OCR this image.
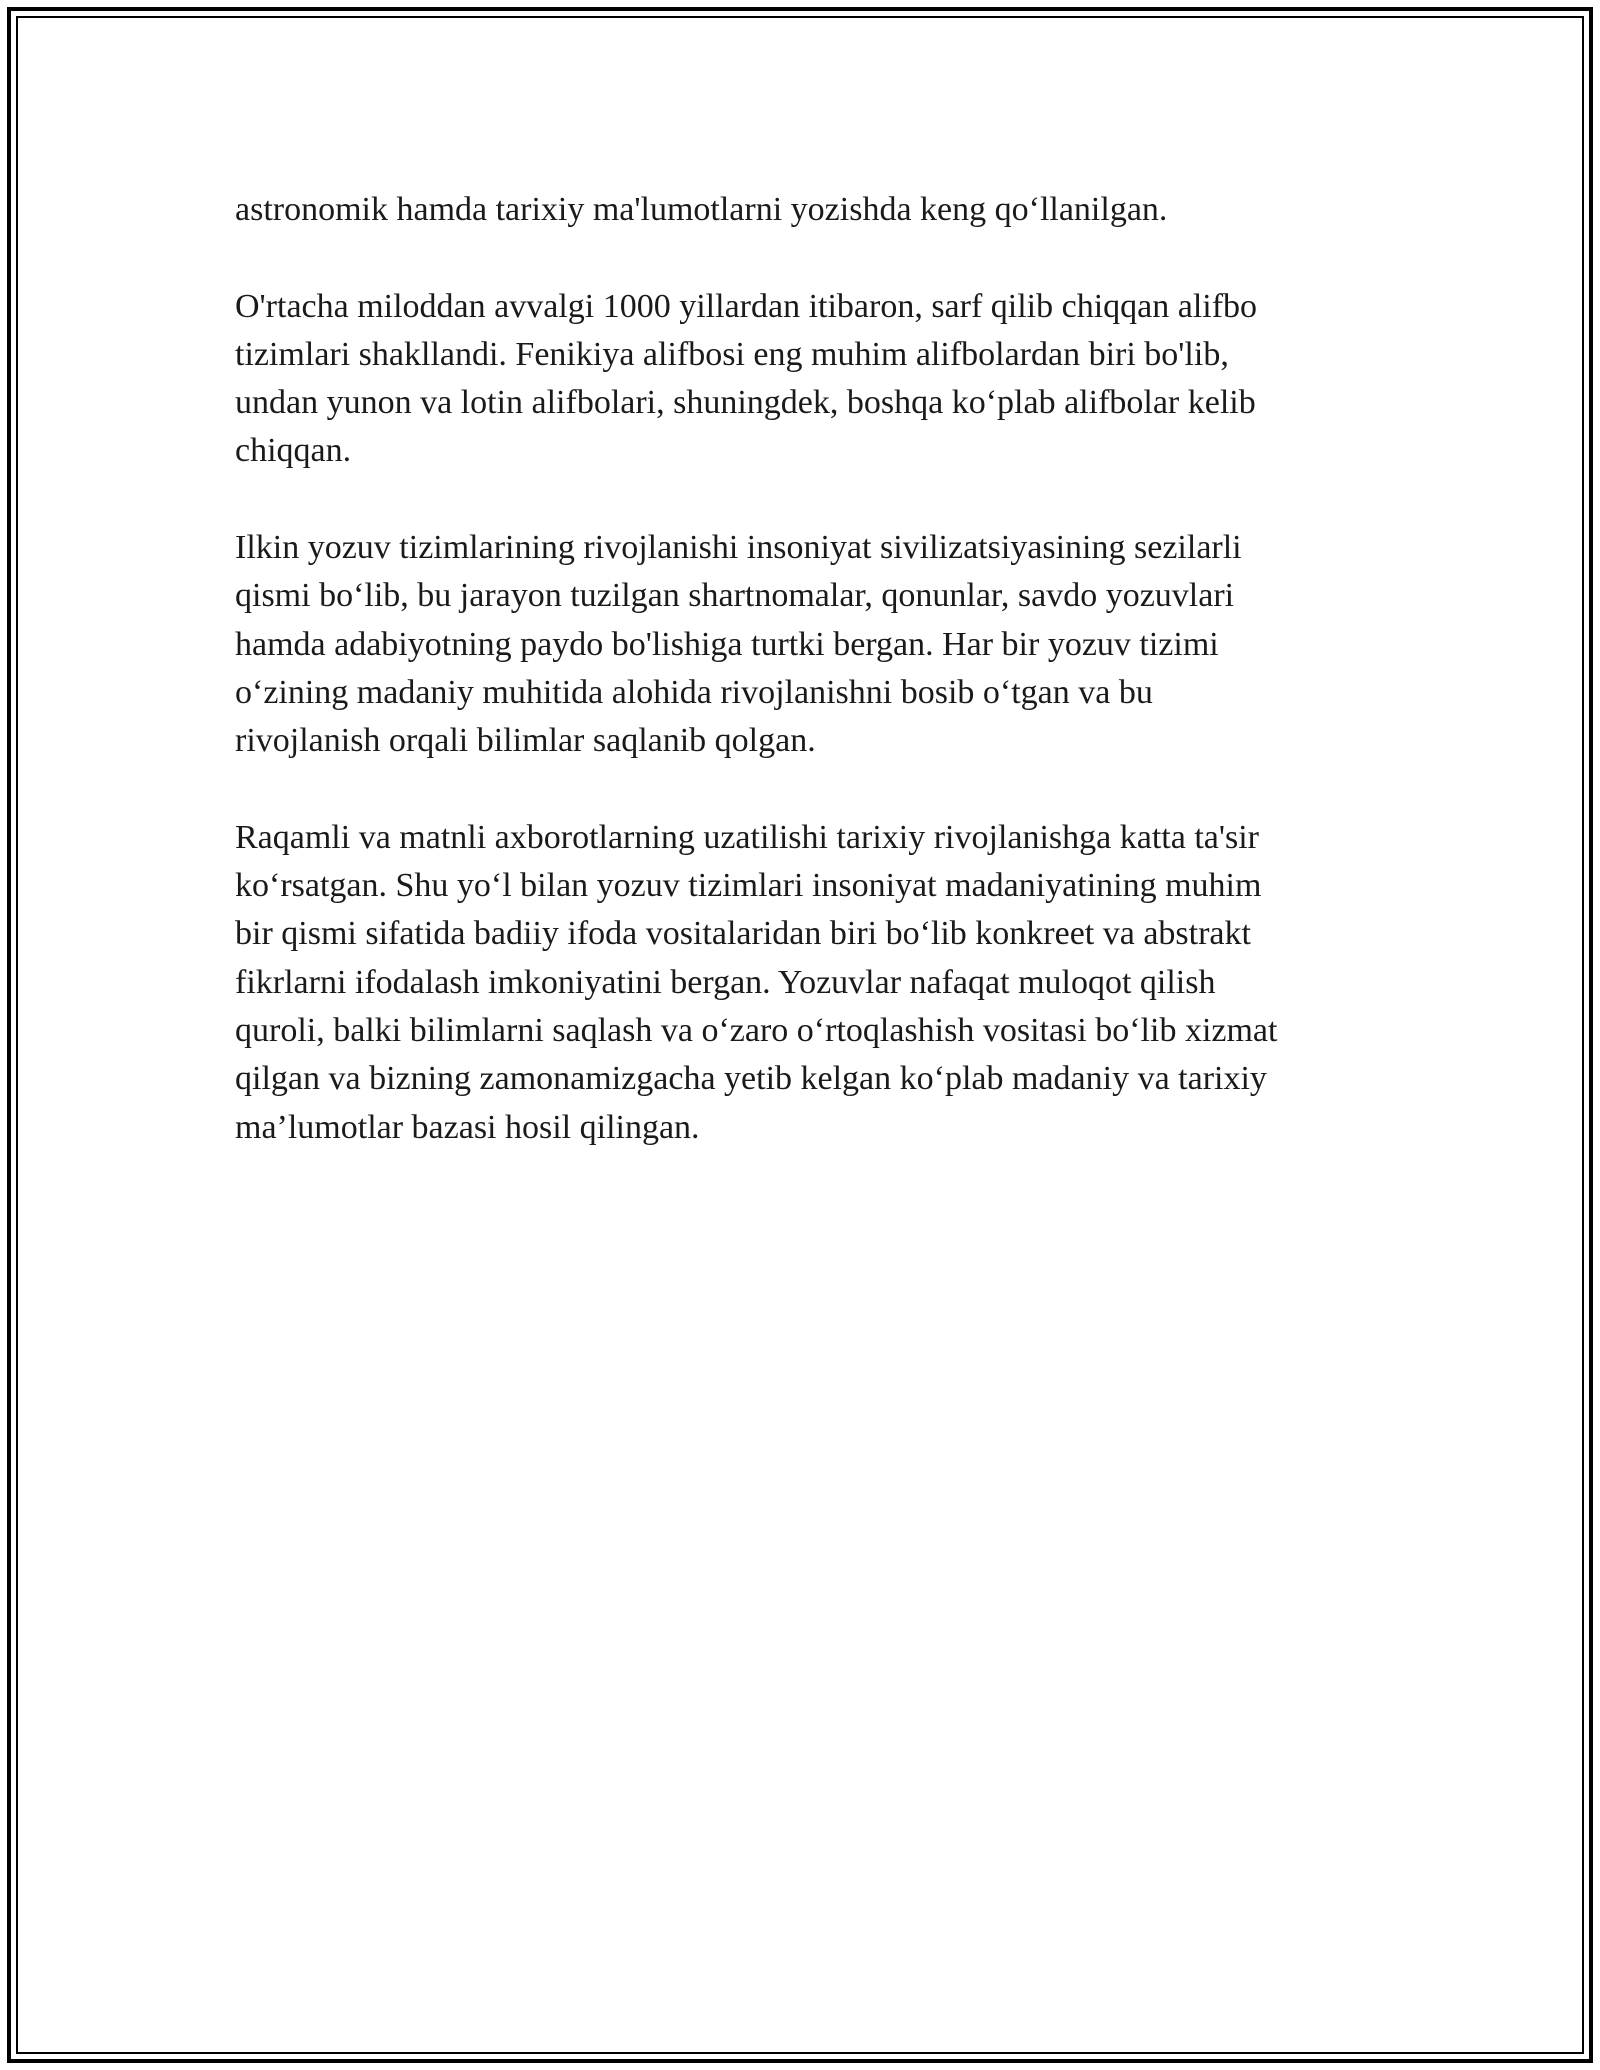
astronomik hamda tarixiy ma'lumotlarni yozishda keng qo‘llanilgan.

O'rtacha miloddan avvalgi 1000 yillardan itibaron, sarf qilib chiqqan alifbo
tizimlari shakllandi. Fenikiya alifbosi eng muhim alifbolardan biri bo'lib,
undan yunon va lotin alifbolari, shuningdek, boshqa ko‘plab alifbolar kelib
chiqqan.

Ilkin yozuv tizimlarining rivojlanishi insoniyat sivilizatsiyasining sezilarli
qismi bo‘lib, bu jarayon tuzilgan shartnomalar, qonunlar, savdo yozuvlari
hamda adabiyotning paydo bo'lishiga turtki bergan. Har bir yozuv tizimi
o‘zining madaniy muhitida alohida rivojlanishni bosib o‘tgan va bu
rivojlanish orqali bilimlar saqlanib qolgan.

Raqamli va matnli axborotlarning uzatilishi tarixiy rivojlanishga katta ta'sir
ko‘rsatgan. Shu yo‘l bilan yozuv tizimlari insoniyat madaniyatining muhim
bir qismi sifatida badiiy ifoda vositalaridan biri bo‘lib konkreet va abstrakt
fikrlarni ifodalash imkoniyatini bergan. Yozuvlar nafaqat muloqot qilish
quroli, balki bilimlarni saqlash va o‘zaro o‘rtoqlashish vositasi bo‘lib xizmat
qilgan va bizning zamonamizgacha yetib kelgan ko‘plab madaniy va tarixiy
ma’lumotlar bazasi hosil qilingan.
